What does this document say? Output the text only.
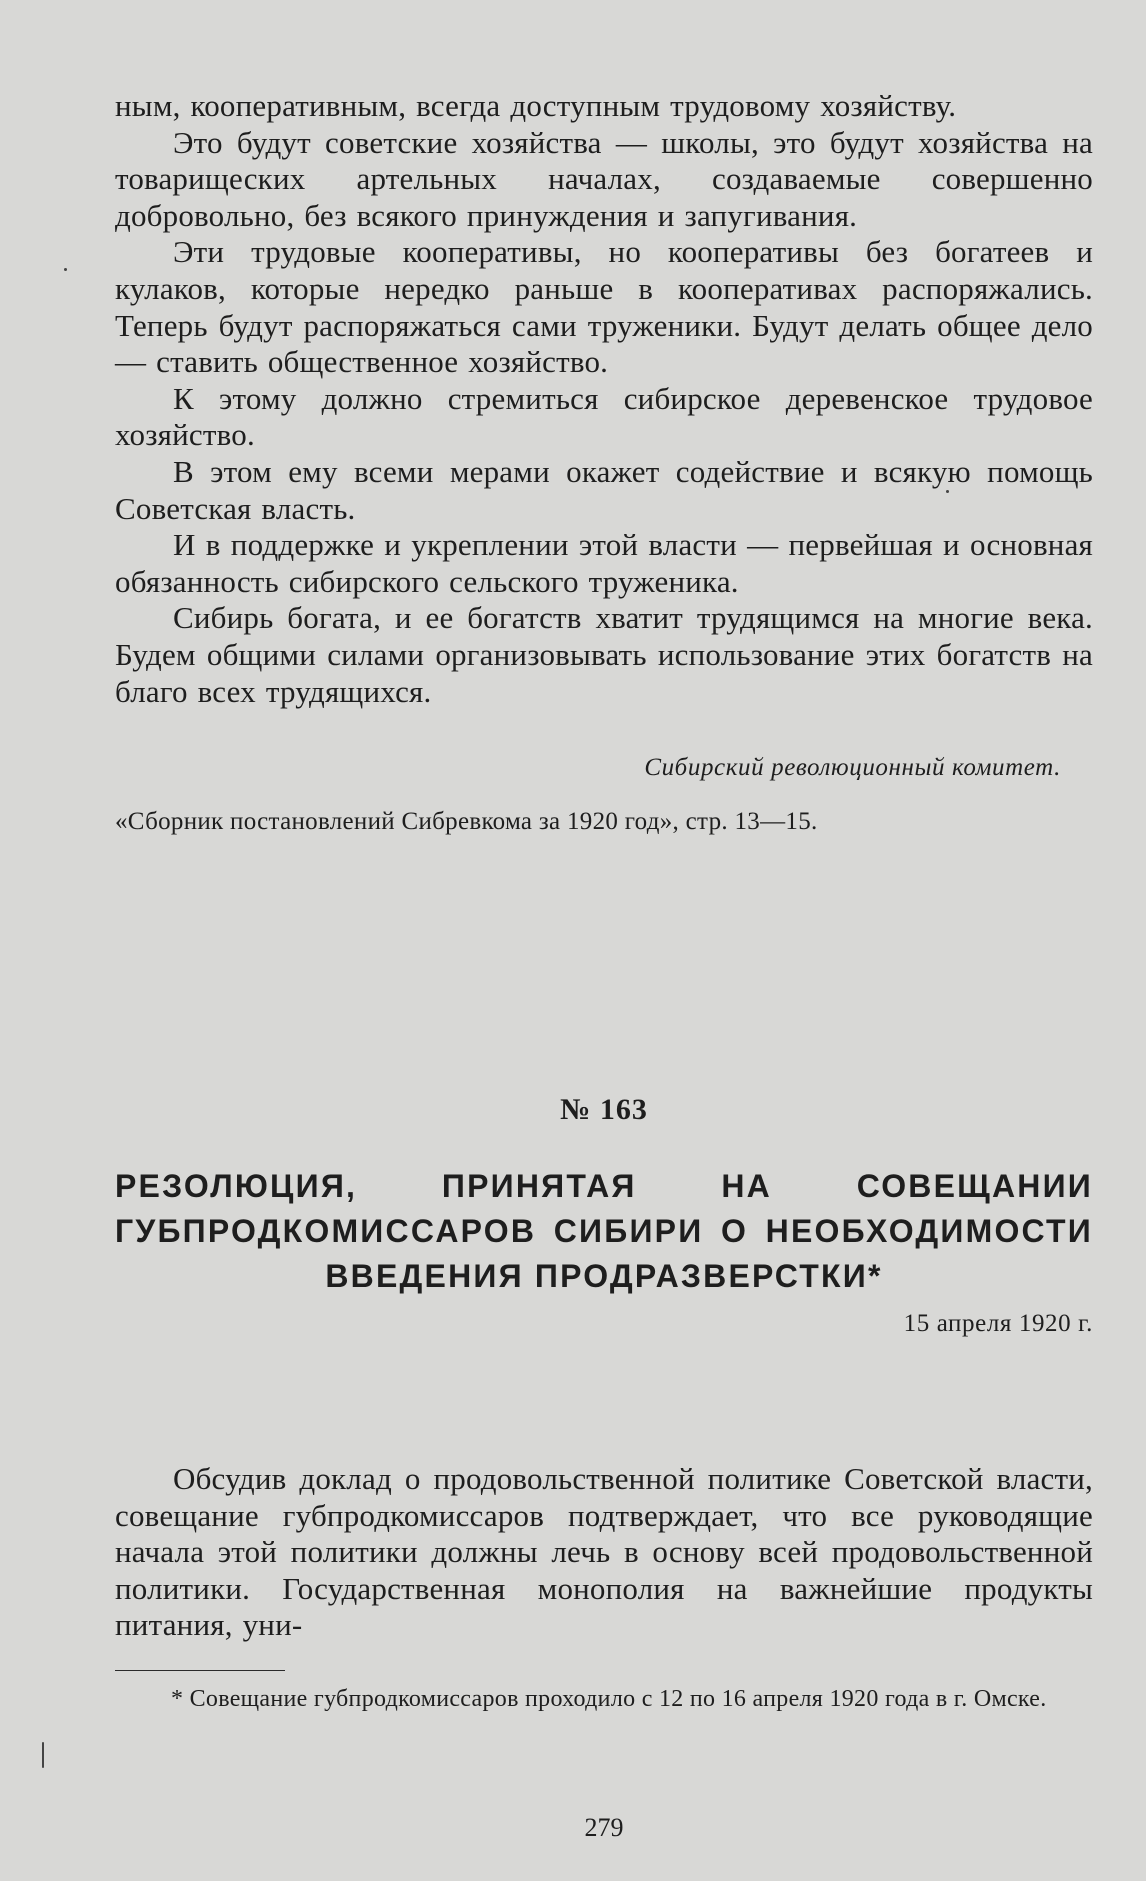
ным, кооперативным, всегда доступным трудовому хозяйству.

Это будут советские хозяйства — школы, это будут хозяйства на товарищеских артельных началах, создаваемые совершенно добровольно, без всякого принуждения и запугивания.

Эти трудовые кооперативы, но кооперативы без богатеев и кулаков, которые нередко раньше в кооперативах распоряжались. Теперь будут распоряжаться сами труженики. Будут делать общее дело — ставить общественное хозяйство.

К этому должно стремиться сибирское деревенское трудовое хозяйство.

В этом ему всеми мерами окажет содействие и всякую помощь Советская власть.

И в поддержке и укреплении этой власти — первейшая и основная обязанность сибирского сельского труженика.

Сибирь богата, и ее богатств хватит трудящимся на многие века. Будем общими силами организовывать использование этих богатств на благо всех трудящихся.

Сибирский революционный комитет.

«Сборник постановлений Сибревкома за 1920 год», стр. 13—15.

№ 163
РЕЗОЛЮЦИЯ, ПРИНЯТАЯ НА СОВЕЩАНИИ ГУБПРОДКОМИССАРОВ СИБИРИ О НЕОБХОДИМОСТИ ВВЕДЕНИЯ ПРОДРАЗВЕРСТКИ*
15 апреля 1920 г.

Обсудив доклад о продовольственной политике Советской власти, совещание губпродкомиссаров подтверждает, что все руководящие начала этой политики должны лечь в основу всей продовольственной политики. Государственная монополия на важнейшие продукты питания, уни-

* Совещание губпродкомиссаров проходило с 12 по 16 апреля 1920 года в г. Омске.
279
